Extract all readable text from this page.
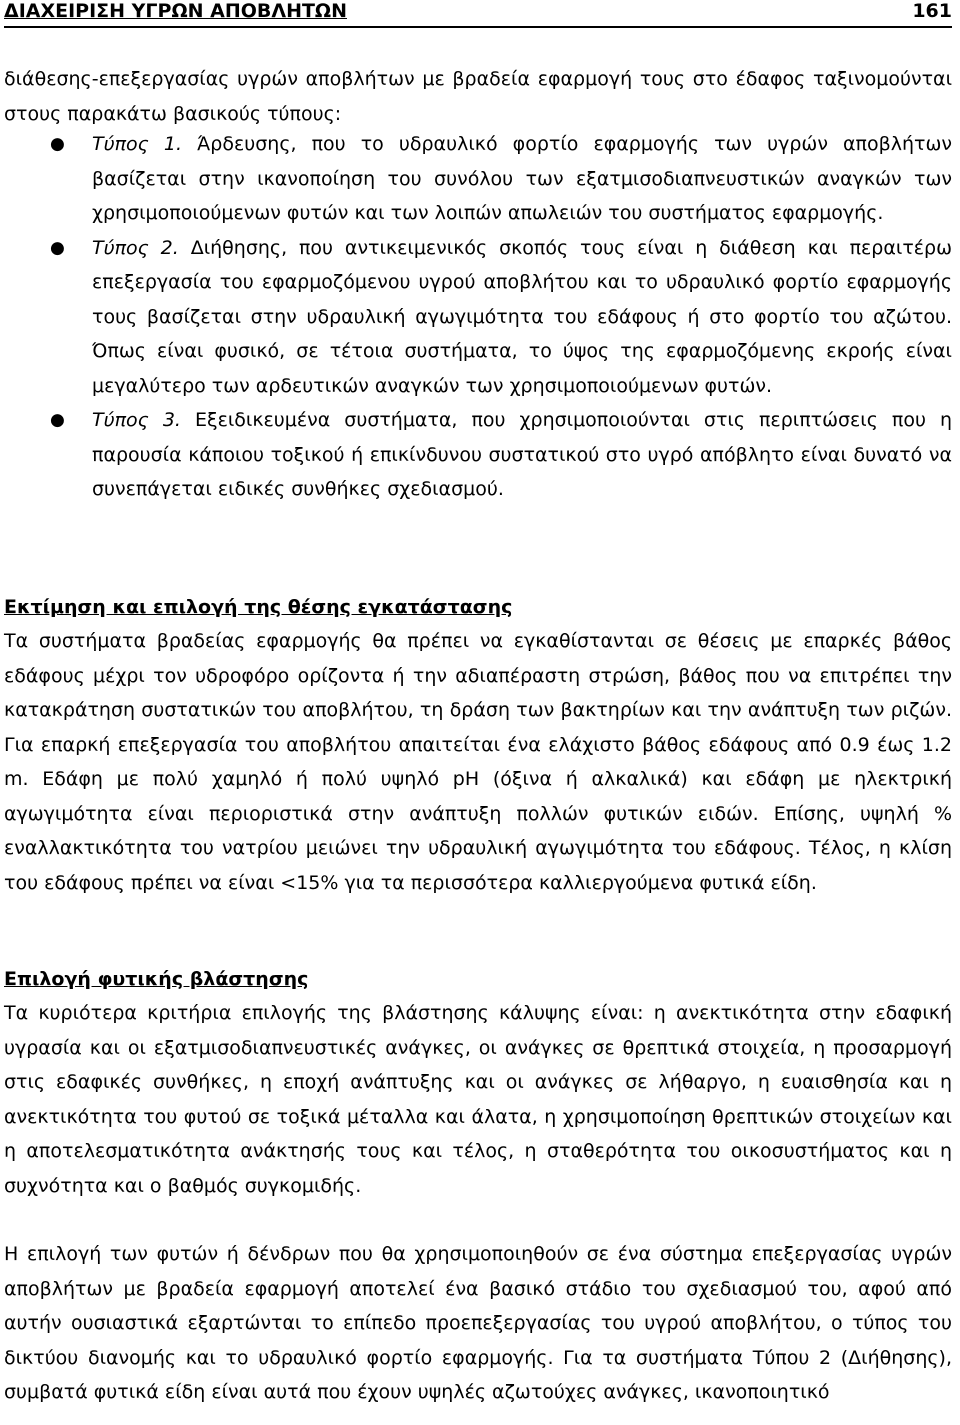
ΔΙΑΧΕΙΡΙΣΗ ΥΓΡΩΝ ΑΠΟΒΛΗΤΩΝ	161

διάθεσης-επεξεργασίας υγρών αποβλήτων με βραδεία εφαρμογή τους στο έδαφος ταξινομούνται στους παρακάτω βασικούς τύπους:

● Τύπος 1. Άρδευσης, που το υδραυλικό φορτίο εφαρμογής των υγρών αποβλήτων βασίζεται στην ικανοποίηση του συνόλου των εξατμισοδιαπνευστικών αναγκών των χρησιμοποιούμενων φυτών και των λοιπών απωλειών του συστήματος εφαρμογής.
● Τύπος 2. Διήθησης, που αντικειμενικός σκοπός τους είναι η διάθεση και περαιτέρω επεξεργασία του εφαρμοζόμενου υγρού αποβλήτου και το υδραυλικό φορτίο εφαρμογής τους βασίζεται στην υδραυλική αγωγιμότητα του εδάφους ή στο φορτίο του αζώτου. Όπως είναι φυσικό, σε τέτοια συστήματα, το ύψος της εφαρμοζόμενης εκροής είναι μεγαλύτερο των αρδευτικών αναγκών των χρησιμοποιούμενων φυτών.
● Τύπος 3. Εξειδικευμένα συστήματα, που χρησιμοποιούνται στις περιπτώσεις που η παρουσία κάποιου τοξικού ή επικίνδυνου συστατικού στο υγρό απόβλητο είναι δυνατό να συνεπάγεται ειδικές συνθήκες σχεδιασμού.
Εκτίμηση και επιλογή της θέσης εγκατάστασης

Τα συστήματα βραδείας εφαρμογής θα πρέπει να εγκαθίστανται σε θέσεις με επαρκές βάθος εδάφους μέχρι τον υδροφόρο ορίζοντα ή την αδιαπέραστη στρώση, βάθος που να επιτρέπει την κατακράτηση συστατικών του αποβλήτου, τη δράση των βακτηρίων και την ανάπτυξη των ριζών. Για επαρκή επεξεργασία του αποβλήτου απαιτείται ένα ελάχιστο βάθος εδάφους από 0.9 έως 1.2 m. Εδάφη με πολύ χαμηλό ή πολύ υψηλό pH (όξινα ή αλκαλικά) και εδάφη με ηλεκτρική αγωγιμότητα είναι περιοριστικά στην ανάπτυξη πολλών φυτικών ειδών. Επίσης, υψηλή % εναλλακτικότητα του νατρίου μειώνει την υδραυλική αγωγιμότητα του εδάφους. Τέλος, η κλίση του εδάφους πρέπει να είναι <15% για τα περισσότερα καλλιεργούμενα φυτικά είδη.

Επιλογή φυτικής βλάστησης

Τα κυριότερα κριτήρια επιλογής της βλάστησης κάλυψης είναι: η ανεκτικότητα στην εδαφική υγρασία και οι εξατμισοδιαπνευστικές ανάγκες, οι ανάγκες σε θρεπτικά στοιχεία, η προσαρμογή στις εδαφικές συνθήκες, η εποχή ανάπτυξης και οι ανάγκες σε λήθαργο, η ευαισθησία και η ανεκτικότητα του φυτού σε τοξικά μέταλλα και άλατα, η χρησιμοποίηση θρεπτικών στοιχείων και η αποτελεσματικότητα ανάκτησής τους και τέλος, η σταθερότητα του οικοσυστήματος και η συχνότητα και ο βαθμός συγκομιδής.

Η επιλογή των φυτών ή δένδρων που θα χρησιμοποιηθούν σε ένα σύστημα επεξεργασίας υγρών αποβλήτων με βραδεία εφαρμογή αποτελεί ένα βασικό στάδιο του σχεδιασμού του, αφού από αυτήν ουσιαστικά εξαρτώνται το επίπεδο προεπεξεργασίας του υγρού αποβλήτου, ο τύπος του δικτύου διανομής και το υδραυλικό φορτίο εφαρμογής. Για τα συστήματα Τύπου 2 (Διήθησης), συμβατά φυτικά είδη είναι αυτά που έχουν υψηλές αζωτούχες ανάγκες, ικανοποιητικό
